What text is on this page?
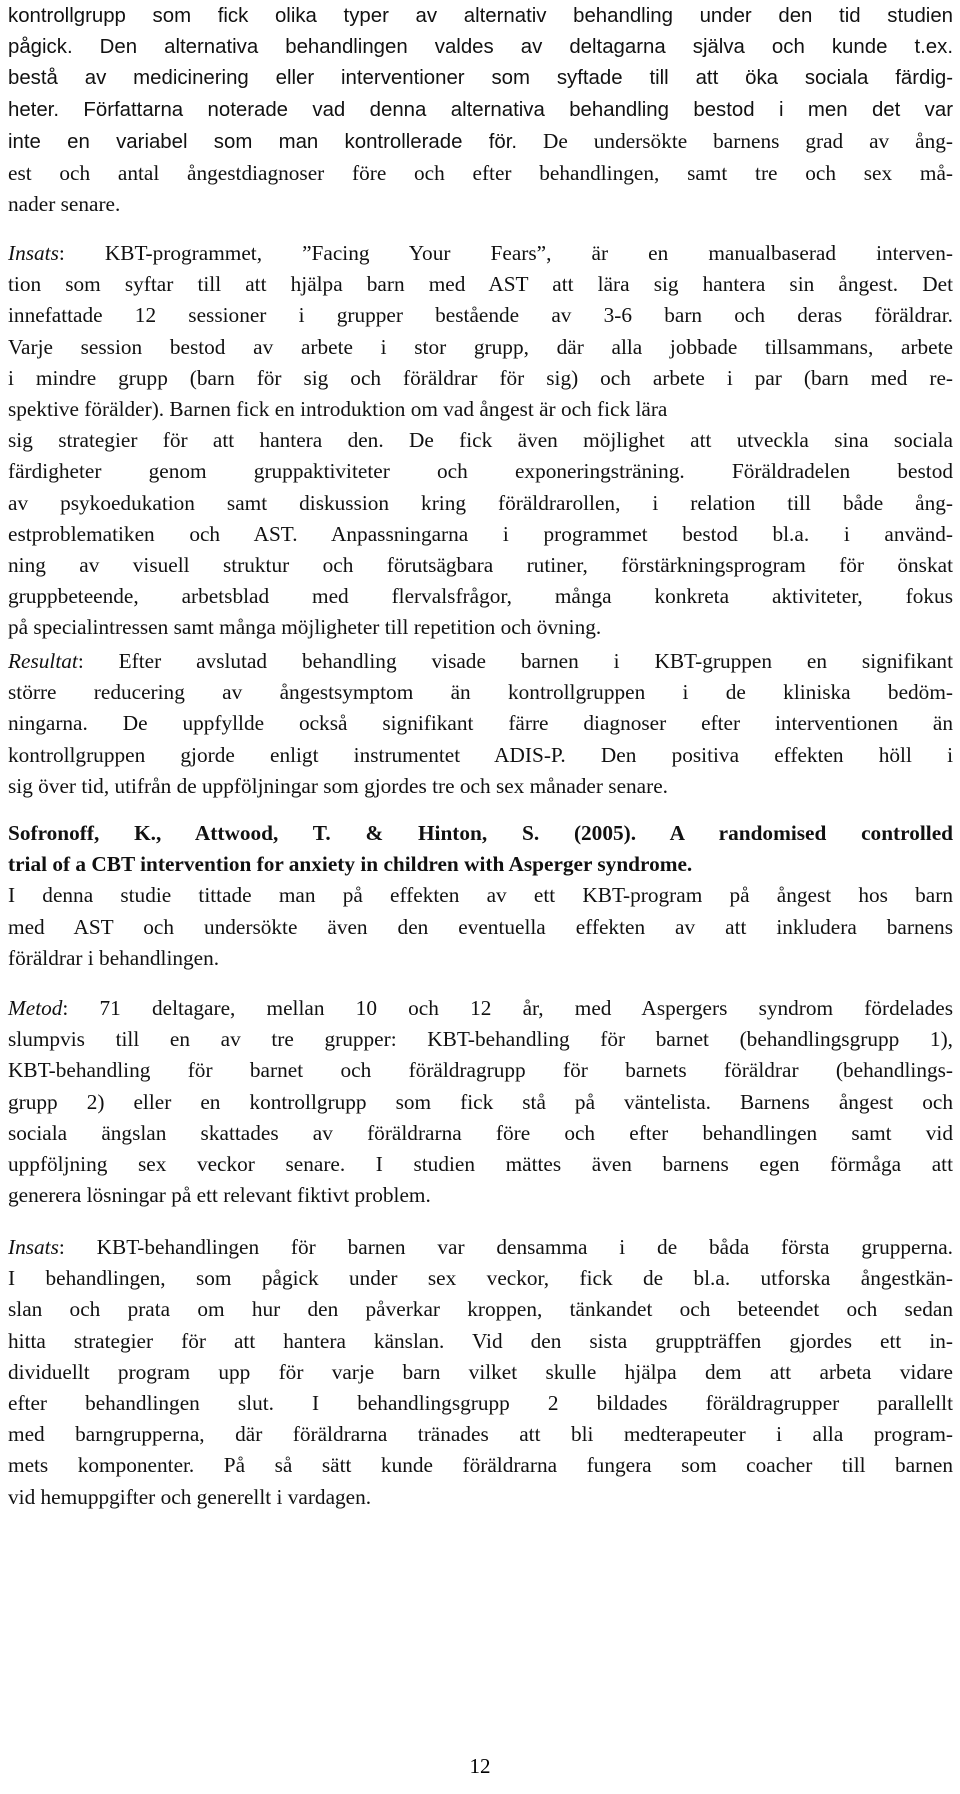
kontrollgrupp som fick olika typer av alternativ behandling under den tid studien
pågick. Den alternativa behandlingen valdes av deltagarna själva och kunde t.ex.
bestå av medicinering eller interventioner som syftade till att öka sociala färdig-
heter. Författarna noterade vad denna alternativa behandling bestod i men det var
inte en variabel som man kontrollerade för. De undersökte barnens grad av ång-
est och antal ångestdiagnoser före och efter behandlingen, samt tre och sex må-
nader senare.
Insats: KBT-programmet, ”Facing Your Fears”, är en manualbaserad interven-
tion som syftar till att hjälpa barn med AST att lära sig hantera sin ångest. Det
innefattade 12 sessioner i grupper bestående av 3-6 barn och deras föräldrar.
Varje session bestod av arbete i stor grupp, där alla jobbade tillsammans, arbete
i mindre grupp (barn för sig och föräldrar för sig) och arbete i par (barn med re-
spektive förälder). Barnen fick en introduktion om vad ångest är och fick lära
sig strategier för att hantera den. De fick även möjlighet att utveckla sina sociala
färdigheter genom gruppaktiviteter och exponeringsträning. Föräldradelen bestod
av psykoedukation samt diskussion kring föräldrarollen, i relation till både ång-
estproblematiken och AST. Anpassningarna i programmet bestod bl.a. i använd-
ning av visuell struktur och förutsägbara rutiner, förstärkningsprogram för önskat
gruppbeteende, arbetsblad med flervalsfrågor, många konkreta aktiviteter, fokus
på specialintressen samt många möjligheter till repetition och övning.
Resultat: Efter avslutad behandling visade barnen i KBT-gruppen en signifikant
större reducering av ångestsymptom än kontrollgruppen i de kliniska bedöm-
ningarna. De uppfyllde också signifikant färre diagnoser efter interventionen än
kontrollgruppen gjorde enligt instrumentet ADIS-P. Den positiva effekten höll i
sig över tid, utifrån de uppföljningar som gjordes tre och sex månader senare.
Sofronoff, K., Attwood, T. & Hinton, S. (2005). A randomised controlled
trial of a CBT intervention for anxiety in children with Asperger syndrome.
I denna studie tittade man på effekten av ett KBT-program på ångest hos barn
med AST och undersökte även den eventuella effekten av att inkludera barnens
föräldrar i behandlingen.
Metod: 71 deltagare, mellan 10 och 12 år, med Aspergers syndrom fördelades
slumpvis till en av tre grupper: KBT-behandling för barnet (behandlingsgrupp 1),
KBT-behandling för barnet och föräldragrupp för barnets föräldrar (behandlings-
grupp 2) eller en kontrollgrupp som fick stå på väntelista. Barnens ångest och
sociala ängslan skattades av föräldrarna före och efter behandlingen samt vid
uppföljning sex veckor senare. I studien mättes även barnens egen förmåga att
generera lösningar på ett relevant fiktivt problem.
Insats: KBT-behandlingen för barnen var densamma i de båda första grupperna.
I behandlingen, som pågick under sex veckor, fick de bl.a. utforska ångestkän-
slan och prata om hur den påverkar kroppen, tänkandet och beteendet och sedan
hitta strategier för att hantera känslan. Vid den sista gruppträffen gjordes ett in-
dividuellt program upp för varje barn vilket skulle hjälpa dem att arbeta vidare
efter behandlingen slut. I behandlingsgrupp 2 bildades föräldragrupper parallellt
med barngrupperna, där föräldrarna tränades att bli medterapeuter i alla program-
mets komponenter. På så sätt kunde föräldrarna fungera som coacher till barnen
vid hemuppgifter och generellt i vardagen.
12
